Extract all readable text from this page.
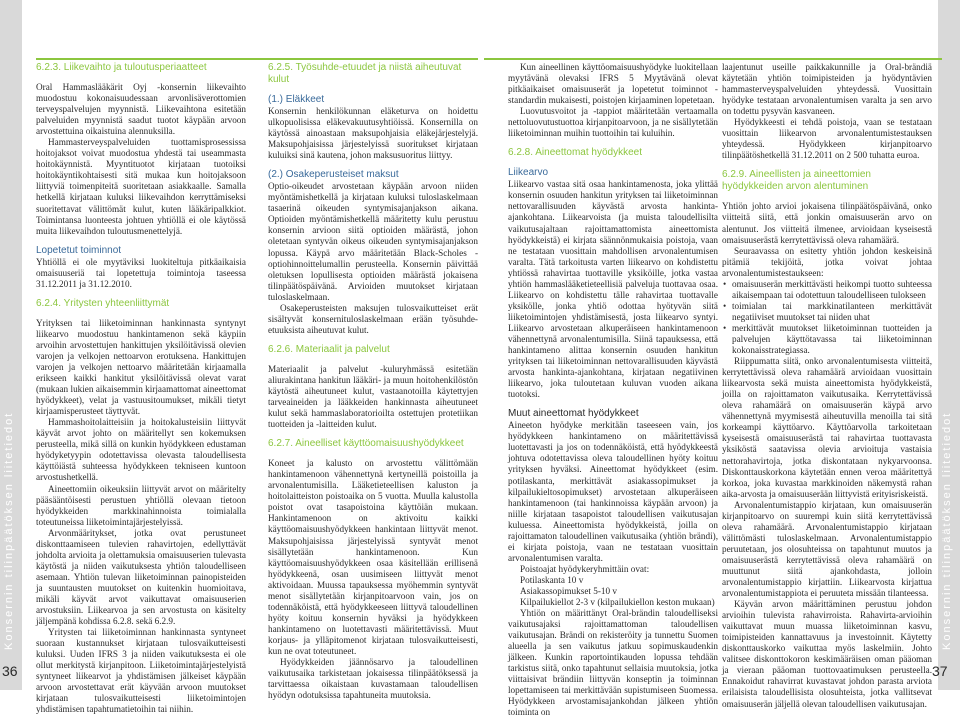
Konsernin tilinpäätöksen liitetiedot	Konsernin tilinpäätöksen liitetiedot
6.2.3. Liikevaihto ja tuloutusperiaatteet

Oral Hammaslääkärit Oyj -konsernin liikevaihto muodostuu kokonaisuudessaan arvonlisäverottomien terveyspalvelujen myynnistä. Liikevaihtona esitetään palveluiden myynnistä saadut tuotot käypään arvoon arvostettuina oikaistuina alennuksilla.

Hammasterveyspalveluiden tuottamisprosessissa hoitojaksot voivat muodostua yhdestä tai useammasta hoitokäynnistä. Myyntituotot kirjataan tuotoiksi hoitokäyntikohtaisesti sitä mukaa kun hoitojaksoon liittyviä toimenpiteitä suoritetaan asiakkaalle. Samalla hetkellä kirjataan kuluksi liikevaihdon kerryttämiseksi suoritettavat välittömät kulut, kuten lääkäripalkkiot. Toimintansa luonteesta johtuen yhtiöllä ei ole käytössä muita liikevaihdon tuloutusmenettelyjä.

Lopetetut toiminnot

Yhtiöllä ei ole myytäviksi luokiteltuja pitkäaikaisia omaisuuseriä tai lopetettuja toimintoja taseessa 31.12.2011 ja 31.12.2010.

6.2.4. Yritysten yhteenliittymät

Yrityksen tai liiketoiminnan hankinnasta syntynyt liikearvo muodostuu hankintamenon sekä käypiin arvoihin arvostettujen hankittujen yksilöitävissä olevien varojen ja velkojen nettoarvon erotuksena. Hankittujen varojen ja velkojen nettoarvo määritetään kirjaamalla erikseen kaikki hankitut yksilöitävissä olevat varat (mukaan lukien aikaisemmin kirjaamattomat aineettomat hyödykkeet), velat ja vastuusitoumukset, mikäli tietyt kirjaamisperusteet täyttyvät.

Hammashoitolaitteisiin ja hoitokalusteisiin liittyvät käyvät arvot johto on määritellyt sen kokemuksen perusteella, mikä sillä on kunkin hyödykkeen edustaman hyödyketyypin odotettavissa olevasta taloudellisesta käyttöiästä suhteessa hyödykkeen tekniseen kuntoon arvostushetkellä.

Aineettomiin oikeuksiin liittyvät arvot on määritelty pääsääntöisesti perustuen yhtiöllä olevaan tietoon hyödykkeiden markkinahinnoista toimialalla toteutuneissa liiketoimintajärjestelyissä.

Arvonmääritykset, jotka ovat perustuneet diskonttaamiseen tulevien rahavirtojen, edellyttävät johdolta arvioita ja olettamuksia omaisuuserien tulevasta käytöstä ja niiden vaikutuksesta yhtiön taloudelliseen asemaan. Yhtiön tulevan liiketoiminnan painopisteiden ja suuntausten muutokset on kuitenkin huomioitava, mikäli käyvät arvot vaikuttavat omaisuuserien arvostuksiin. Liikearvoa ja sen arvostusta on käsitelty jäljempänä kohdissa 6.2.8. sekä 6.2.9.

Yritysten tai liiketoiminnan hankinnasta syntyneet suoraan kustannukset kirjataan tulosvaikutteisesti kuluksi. Uuden IFRS 3 ja niiden vaikutuksesta ei ole ollut merkitystä kirjanpitoon. Liiketoimintajärjestelyistä syntyneet liikearvot ja yhdistämisen jälkeiset käypään arvoon arvostettavat erät käyvään arvoon muutokset kirjataan tulosvaikutteisesti liiketoimintojen yhdistämisen tapahtumatietoihin tai niihin.

6.2.5. Työsuhde-etuudet ja niistä aiheutuvat kulut
(1.) Eläkkeet

Konsernin henkilökunnan eläketurva on hoidettu ulkopuolisissa eläkevakuutusyhtiöissä. Konsernilla on käytössä ainoastaan maksupohjaisia eläkejärjestelyjä. Maksupohjaisissa järjestelyissä suoritukset kirjataan kuluiksi sinä kautena, johon maksusuoritus liittyy.

(2.) Osakeperusteiset maksut

Optio-oikeudet arvostetaan käypään arvoon niiden myöntämishetkellä ja kirjataan kuluksi tuloslaskelmaan tasaerinä oikeuden syntymisajanjakson aikana. Optioiden myöntämishetkellä määritetty kulu perustuu konsernin arvioon siitä optioiden määrästä, johon oletetaan syntyvän oikeus oikeuden syntymisajanjakson lopussa. Käypä arvo määritetään Black-Scholes -optiohinnoittelumallin perusteella. Konsernin päivittää oletuksen lopullisesta optioiden määrästä jokaisena tilinpäätöspäivänä. Arvioiden muutokset kirjataan tuloslaskelmaan.

Osakeperusteisten maksujen tulosvaikutteiset erät sisältyvät konsernituloslaskelmaan erään työsuhde-etuuksista aiheutuvat kulut.

6.2.6. Materiaalit ja palvelut

Materiaalit ja palvelut -kuluryhmässä esitetään aliurakintana hankitun lääkäri- ja muun hoitohenkilöstön käytöstä aiheutuneet kulut, vastaanotoilla käytettyjen tarveaineiden ja lääkkeiden hankinnasta aiheutuneet kulut sekä hammaslaboratorioilta ostettujen protetiikan tuotteiden ja -laitteiden kulut.

6.2.7. Aineelliset käyttöomaisuushyödykkeet

Koneet ja kalusto on arvostettu välittömään hankintamenoon vähennettynä kertyneillä poistoilla ja arvonalentumisilla. Lääketieteellisen kaluston ja hoitolaitteiston poistoaika on 5 vuotta. Muulla kalustolla poistot ovat tasapoistoina käyttöiän mukaan. Hankintamenoon on aktivoitu kaikki käyttöomaisuushyödykkeen hankintaan liittyvät menot. Maksupohjaisissa järjestelyissä syntyvät menot sisällytetään hankintamenoon. Kun käyttöomaisuushyödykkeen osaa käsitellään erillisenä hyödykkeenä, osan uusimiseen liittyvät menot aktivoidaan. Muussa tapauksessa myöhemmin syntyvät menot sisällytetään kirjanpitoarvoon vain, jos on todennäköistä, että hyödykkeeseen liittyvä taloudellinen hyöty koituu konsernin hyväksi ja hyödykkeen hankintameno on luotettavasti määritettävissä. Muut korjaus- ja ylläpitomenot kirjataan tulosvaikutteisesti, kun ne ovat toteutuneet.

Hyödykkeiden jäännösarvo ja taloudellinen vaikutusaika tarkistetaan jokaisessa tilinpäätöksessä ja tarvittaessa oikaistaan kuvastamaan taloudellisen hyödyn odotuksissa tapahtuneita muutoksia.

Kun aineellinen käyttöomaisuushyödyke luokitellaan myytävänä olevaksi IFRS 5 Myytävänä olevat pitkäaikaiset omaisuuserät ja lopetetut toiminnot -standardin mukaisesti, poistojen kirjaaminen lopetetaan.

Luovutusvoitot ja -tappiot määritetään vertaamalla nettoluovutustuottoa kirjanpitoarvoon, ja ne sisällytetään liiketoiminnan muihin tuottoihin tai kuluihin.

6.2.8. Aineettomat hyödykkeet
Liikearvo

Liikearvo vastaa sitä osaa hankintamenosta, joka ylittää konsernin osuuden hankitun yrityksen tai liiketoiminnan nettovarallisuuden käyvästä arvosta hankinta-ajankohtana. Liikearvoista (ja muista taloudellisilta vaikutusajaltaan rajoittamattomista aineettomista hyödykkeistä) ei kirjata säännönmukaisia poistoja, vaan ne testataan vuosittain mahdollisen arvonalentumisen varalta. Tätä tarkoitusta varten liikearvo on kohdistettu yhtiössä rahavirtaa tuottaville yksiköille, jotka vastaa yhtiön hammaslääketieteellisiä palveluja tuottavaa osaa. Liikearvo on kohdistettu tälle rahavirtaa tuottavalle yksikölle, jonka yhtiö odottaa hyötyvän siitä liiketoimintojen yhdistämisestä, josta liikearvo syntyi. Liikearvo arvostetaan alkuperäiseen hankintamenoon vähennettynä arvonalentumisilla. Siinä tapauksessa, että hankintameno alittaa konsernin osuuden hankitun yrityksen tai liiketoiminnan nettovarallisuuden käyvästä arvosta hankinta-ajankohtana, kirjataan negatiivinen liikearvo, joka tuloutetaan kuluvan vuoden aikana tuotoksi.

Muut aineettomat hyödykkeet

Aineeton hyödyke merkitään taseeseen vain, jos hyödykkeen hankintameno on määritettävissä luotettavasti ja jos on todennäköistä, että hyödykkeestä johtuva odotettavissa oleva taloudellinen hyöty koituu yrityksen hyväksi. Aineettomat hyödykkeet (esim. potilaskanta, merkittävät asiakassopimukset ja kilpailukieltosopimukset) arvostetaan alkuperäiseen hankintamenoon (tai hankinnoissa käypään arvoon) ja niille kirjataan tasapoistot taloudellisen vaikutusajan kuluessa. Aineettomista hyödykkeistä, joilla on rajoittamaton taloudellinen vaikutusaika (yhtiön brändi), ei kirjata poistoja, vaan ne testataan vuosittain arvonalentumisen varalta.

Poistoajat hyödykeryhmittäin ovat:

Potilaskanta 10 v

Asiakassopimukset 5-10 v

Kilpailukiellot 2-3 v (kilpailukiellon keston mukaan)

Yhtiön on määrittänyt Oral-brändin taloudelliseksi vaikutusajaksi rajoittamattoman taloudellisen vaikutusajan. Brändi on rekisteröity ja tunnettu Suomen alueella ja sen vaikutus jatkuu sopimuskaudenkin jälkeen. Kunkin raportointikauden lopussa tehdään tarkistus siitä, onko tapahtunut sellaisia muutoksia, jotka viittaisivat brändiin liittyvän konseptin ja toiminnan lopettamiseen tai merkittävään supistumiseen Suomessa. Hyödykkeen arvostamisajankohdan jälkeen yhtiön toiminta on

laajentunut useille paikkakunnille ja Oral-brändiä käytetään yhtiön toimipisteiden ja hyödyntävien hammasterveyspalveluiden yhteydessä. Vuosittain hyödyke testataan arvonalentumisen varalta ja sen arvo on todettu pysyvän kasvaneen.

Hyödykkeesti ei tehdä poistoja, vaan se testataan vuosittain liikearvon arvonalentumistestauksen yhteydessä. Hyödykkeen kirjanpitoarvo tilinpäätöshetkellä 31.12.2011 on 2 500 tuhatta euroa.

6.2.9. Aineellisten ja aineettomien hyödykkeiden arvon alentuminen

Yhtiön johto arvioi jokaisena tilinpäätöspäivänä, onko viitteitä siitä, että jonkin omaisuuserän arvo on alentunut. Jos viitteitä ilmenee, arvioidaan kyseisestä omaisuuserästä kerrytettävissä oleva rahamäärä.

Seuraavassa on esitetty yhtiön johdon keskeisinä pitämiä tekijöitä, jotka voivat johtaa arvonalentumistestaukseen:

• omaisuuserän merkittävästi heikompi tuotto suhteessa aikaisempaan tai odotettuun taloudelliseen tulokseen
• toimialan tai markkinatilanteen merkittävät negatiiviset muutokset tai niiden uhat
• merkittävät muutokset liiketoiminnan tuotteiden ja palvelujen käyttötavassa tai liiketoiminnan kokonaisstrategiassa.

Riippumatta siitä, onko arvonalentumisesta viitteitä, kerrytettävissä oleva rahamäärä arvioidaan vuosittain liikearvosta sekä muista aineettomista hyödykkeistä, joilla on rajoittamaton vaikutusaika. Kerrytettävissä oleva rahamäärä on omaisuuserän käypä arvo vähennettynä myymisestä aiheutuvilla menoilla tai sitä korkeampi käyttöarvo. Käyttöarvolla tarkoitetaan kyseisestä omaisuuserästä tai rahavirtaa tuottavasta yksiköstä saatavissa olevia arvioituja vastaisia nettorahavirtoja, jotka diskontataan nykyarvoonsa. Diskonttauskorkona käytetään ennen veroa määritettyä korkoa, joka kuvastaa markkinoiden näkemystä rahan aika-arvosta ja omaisuuserään liittyvistä erityisriskeistä.

Arvonalentumistappio kirjataan, kun omaisuuserän kirjanpitoarvo on suurempi kuin siitä kerrytettävissä oleva rahamäärä. Arvonalentumistappio kirjataan välittömästi tuloslaskelmaan. Arvonalentumistappio peruutetaan, jos olosuhteissa on tapahtunut muutos ja omaisuuserästä kerrytettävissä oleva rahamäärä on muuttunut siitä ajankohdasta, jolloin arvonalentumistappio kirjattiin. Liikearvosta kirjattua arvonalentumistappiota ei peruuteta missään tilanteessa.

Käyvän arvon määrittäminen perustuu johdon arvioihin tulevista rahavirroista. Rahavirta-arvioihin vaikuttavat muun muassa liiketoiminnan kasvu, toimipisteiden kannattavuus ja investoinnit. Käytetty diskonttauskorko vaikuttaa myös laskelmiin. Johto valitsee diskonttokoron keskimääräisen oman pääoman ja vieraan pääoman tuottovaatimuksen perusteella. Ennakoidut rahavirrat kuvastavat johdon parasta arviota erilaisista taloudellisista olosuhteista, jotka vallitsevat omaisuuserän jäljellä olevan taloudellisen vaikutusajan.

36	37
